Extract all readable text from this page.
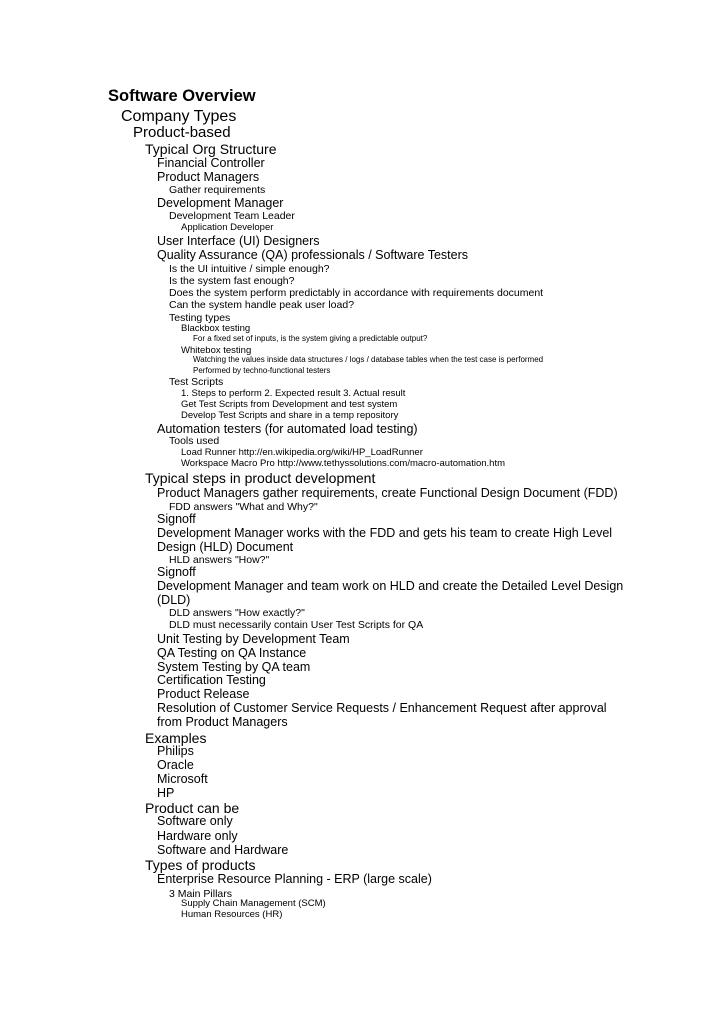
Software Overview
Company Types
Product-based
Typical Org Structure
Financial Controller
Product Managers
Gather requirements
Development Manager
Development Team Leader
Application Developer
User Interface (UI) Designers
Quality Assurance (QA) professionals / Software Testers
Is the UI intuitive / simple enough?
Is the system fast enough?
Does the system perform predictably in accordance with requirements document
Can the system handle peak user load?
Testing types
Blackbox testing
For a fixed set of inputs, is the system giving a predictable output?
Whitebox testing
Watching the values inside data structures / logs / database tables when the test case is performed
Performed by techno-functional testers
Test Scripts
1. Steps to perform 2. Expected result 3. Actual result
Get Test Scripts from Development and test system
Develop Test Scripts and share in a temp repository
Automation testers (for automated load testing)
Tools used
Load Runner http://en.wikipedia.org/wiki/HP_LoadRunner
Workspace Macro Pro http://www.tethyssolutions.com/macro-automation.htm
Typical steps in product development
Product Managers gather requirements, create Functional Design Document (FDD)
FDD answers "What and Why?"
Signoff
Development Manager works with the FDD and gets his team to create High Level
Design (HLD) Document
HLD answers "How?"
Signoff
Development Manager and team work on HLD and create the Detailed Level Design
(DLD)
DLD answers "How exactly?"
DLD must necessarily contain User Test Scripts for QA
Unit Testing by Development Team
QA Testing on QA Instance
System Testing by QA team
Certification Testing
Product Release
Resolution of Customer Service Requests / Enhancement Request after approval
from Product Managers
Examples
Philips
Oracle
Microsoft
HP
Product can be
Software only
Hardware only
Software and Hardware
Types of products
Enterprise Resource Planning - ERP (large scale)
3 Main Pillars
Supply Chain Management (SCM)
Human Resources (HR)
